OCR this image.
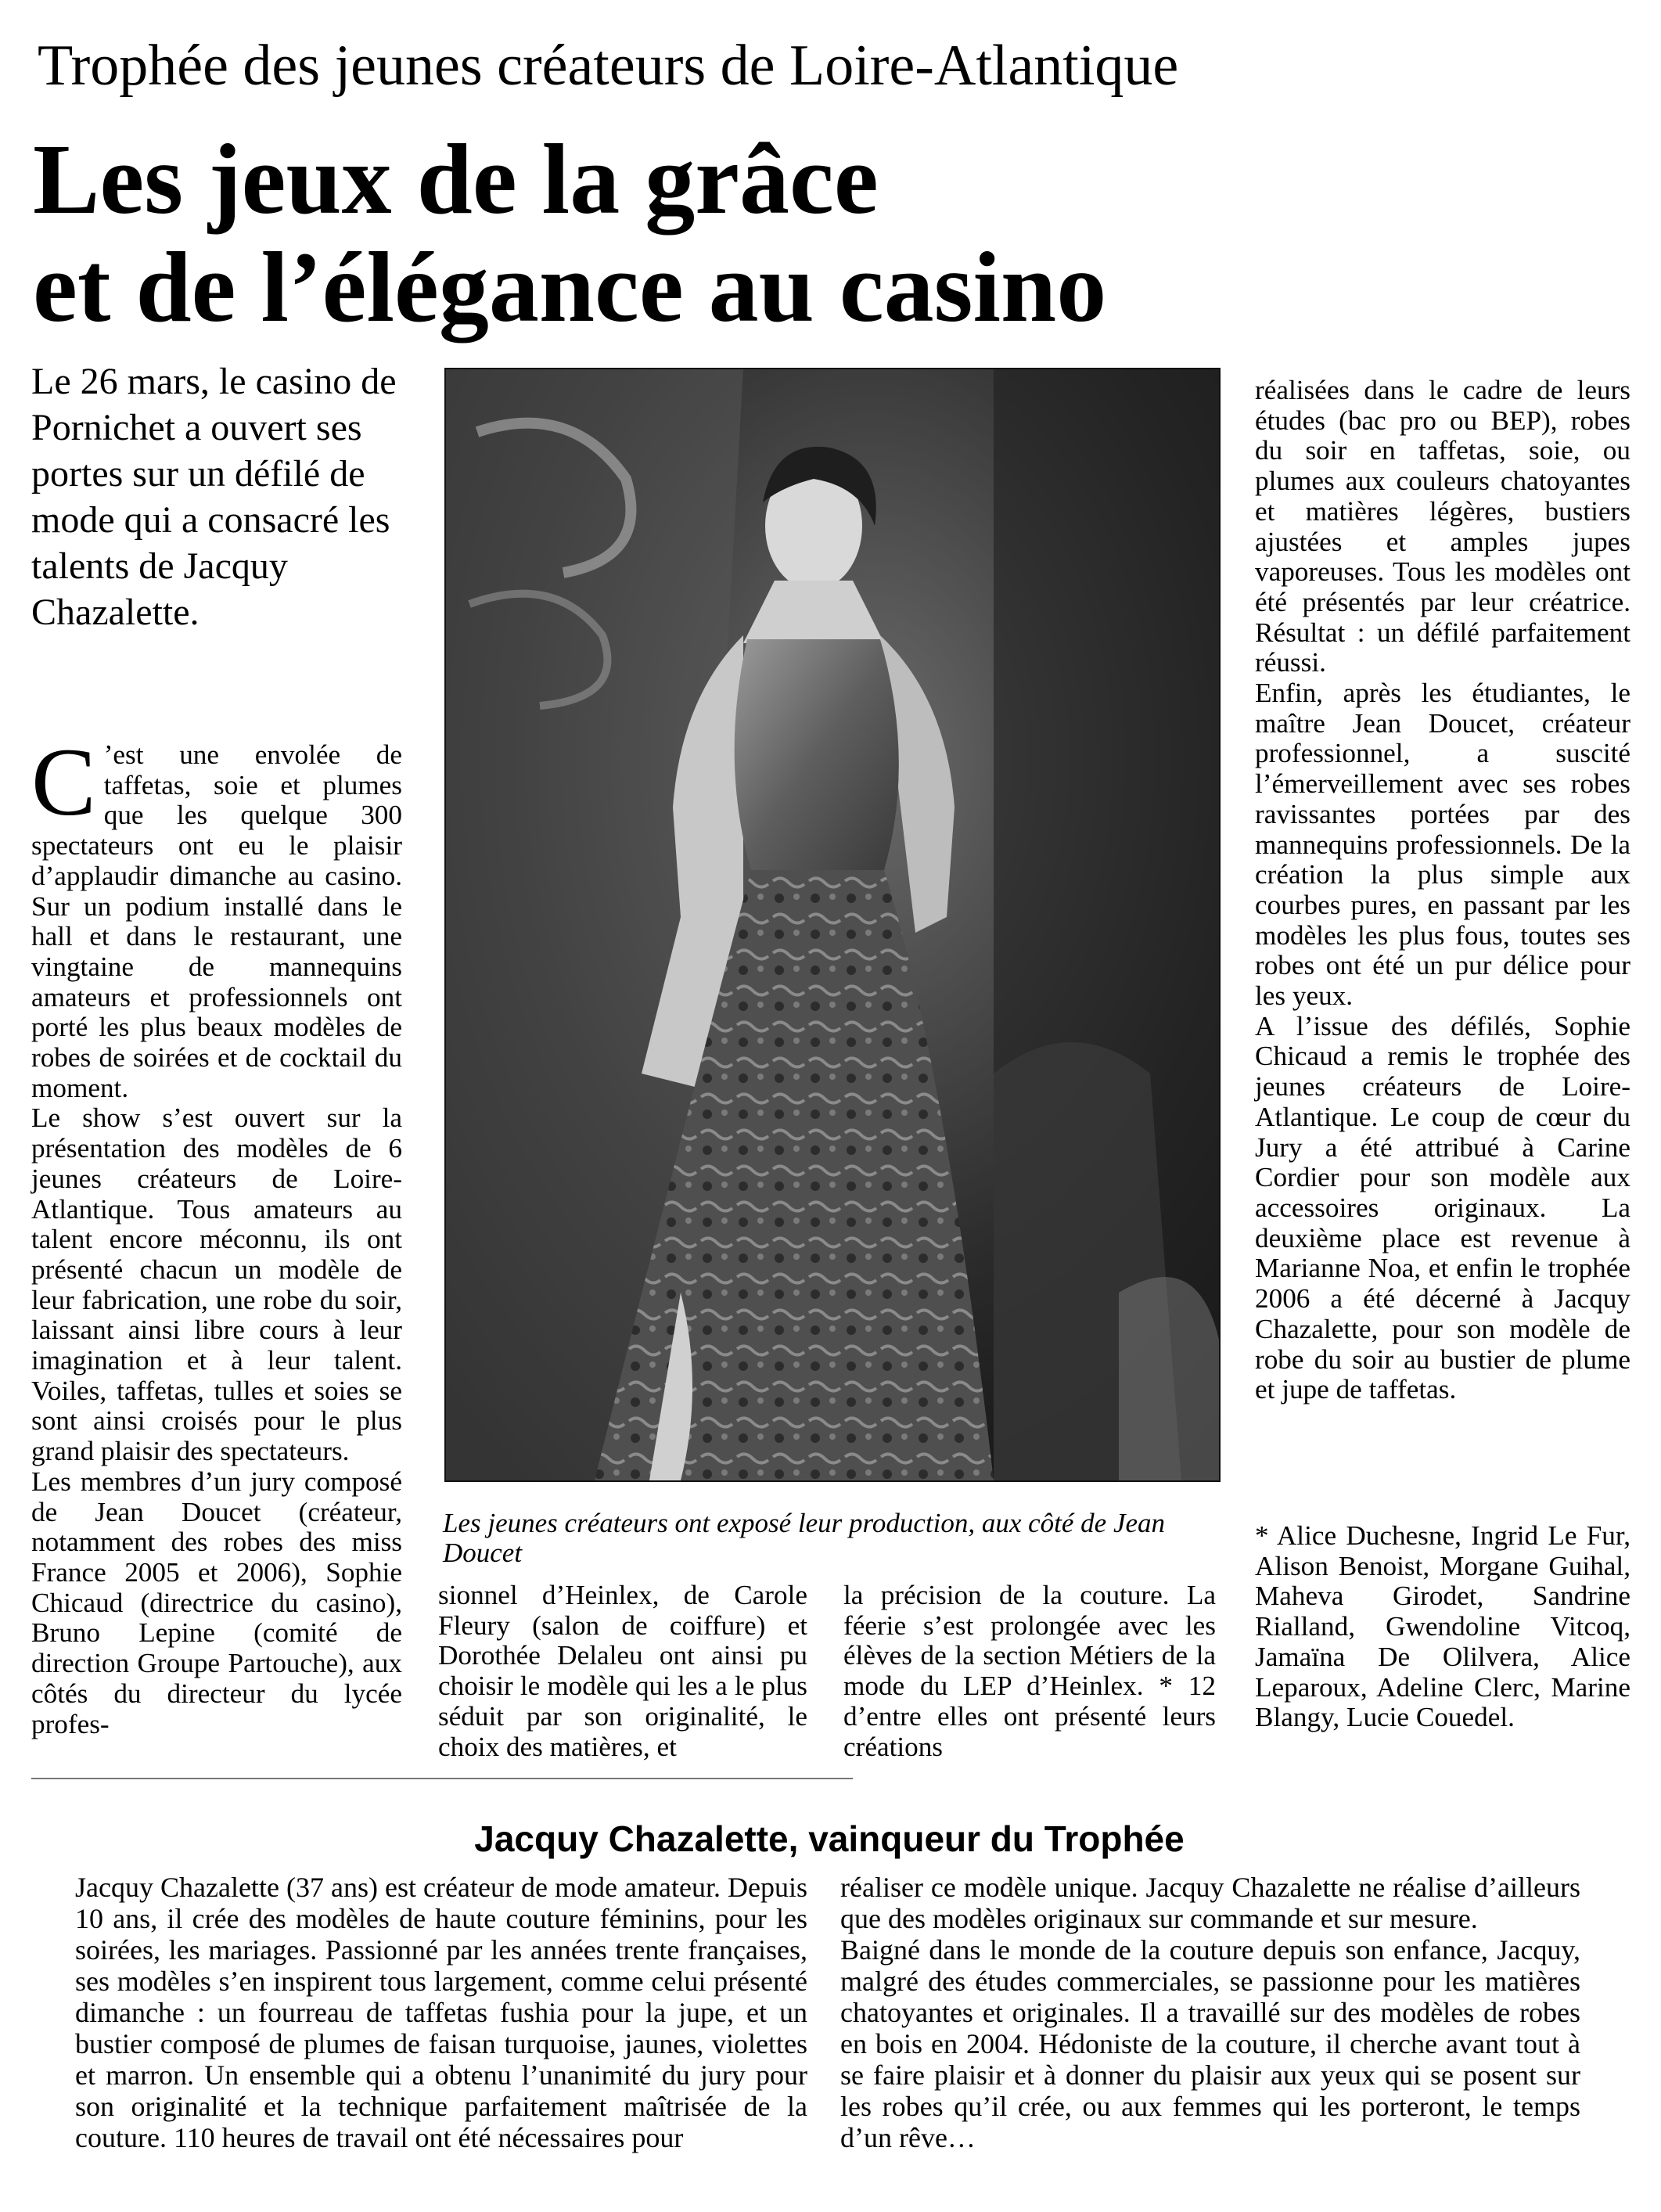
Trophée des jeunes créateurs de Loire-Atlantique
Les jeux de la grâce
et de l’élégance au casino
Le 26 mars, le casino de Pornichet a ouvert ses portes sur un défilé de mode qui a consacré les talents de Jacquy Chazalette.

C ’est une envolée de taffetas, soie et plumes que les quelque 300 spectateurs ont eu le plaisir d’applaudir dimanche au casino. Sur un podium installé dans le hall et dans le restaurant, une vingtaine de mannequins amateurs et professionnels ont porté les plus beaux modèles de robes de soirées et de cocktail du moment.

Le show s’est ouvert sur la présentation des modèles de 6 jeunes créateurs de Loire-Atlantique. Tous amateurs au talent encore méconnu, ils ont présenté chacun un modèle de leur fabrication, une robe du soir, laissant ainsi libre cours à leur imagination et à leur talent. Voiles, taffetas, tulles et soies se sont ainsi croisés pour le plus grand plaisir des spectateurs.

Les membres d’un jury composé de Jean Doucet (créateur, notamment des robes des miss France 2005 et 2006), Sophie Chicaud (directrice du casino), Bruno Lepine (comité de direction Groupe Partouche), aux côtés du directeur du lycée profes-

Les jeunes créateurs ont exposé leur production, aux côté de Jean Doucet

sionnel d’Heinlex, de Carole Fleury (salon de coiffure) et Dorothée Delaleu ont ainsi pu choisir le modèle qui les a le plus séduit par son originalité, le choix des matières, et

la précision de la couture. La féerie s’est prolongée avec les élèves de la section Métiers de la mode du LEP d’Heinlex. * 12 d’entre elles ont présenté leurs créations

réalisées dans le cadre de leurs études (bac pro ou BEP), robes du soir en taffetas, soie, ou plumes aux couleurs chatoyantes et matières légères, bustiers ajustées et amples jupes vaporeuses. Tous les modèles ont été présentés par leur créatrice. Résultat : un défilé parfaitement réussi.

Enfin, après les étudiantes, le maître Jean Doucet, créateur professionnel, a suscité l’émerveillement avec ses robes ravissantes portées par des mannequins professionnels. De la création la plus simple aux courbes pures, en passant par les modèles les plus fous, toutes ses robes ont été un pur délice pour les yeux.

A l’issue des défilés, Sophie Chicaud a remis le trophée des jeunes créateurs de Loire-Atlantique. Le coup de cœur du Jury a été attribué à Carine Cordier pour son modèle aux accessoires originaux. La deuxième place est revenue à Marianne Noa, et enfin le trophée 2006 a été décerné à Jacquy Chazalette, pour son modèle de robe du soir au bustier de plume et jupe de taffetas.

* Alice Duchesne, Ingrid Le Fur, Alison Benoist, Morgane Guihal, Maheva Girodet, Sandrine Rialland, Gwendoline Vitcoq, Jamaïna De Olilvera, Alice Leparoux, Adeline Clerc, Marine Blangy, Lucie Couedel.

Jacquy Chazalette, vainqueur du Trophée

Jacquy Chazalette (37 ans) est créateur de mode amateur. Depuis 10 ans, il crée des modèles de haute couture féminins, pour les soirées, les mariages. Passionné par les années trente françaises, ses modèles s’en inspirent tous largement, comme celui présenté dimanche : un fourreau de taffetas fushia pour la jupe, et un bustier composé de plumes de faisan turquoise, jaunes, violettes et marron. Un ensemble qui a obtenu l’unanimité du jury pour son originalité et la technique parfaitement maîtrisée de la couture. 110 heures de travail ont été nécessaires pour

réaliser ce modèle unique. Jacquy Chazalette ne réalise d’ailleurs que des modèles originaux sur commande et sur mesure.

Baigné dans le monde de la couture depuis son enfance, Jacquy, malgré des études commerciales, se passionne pour les matières chatoyantes et originales. Il a travaillé sur des modèles de robes en bois en 2004. Hédoniste de la couture, il cherche avant tout à se faire plaisir et à donner du plaisir aux yeux qui se posent sur les robes qu’il crée, ou aux femmes qui les porteront, le temps d’un rêve…
